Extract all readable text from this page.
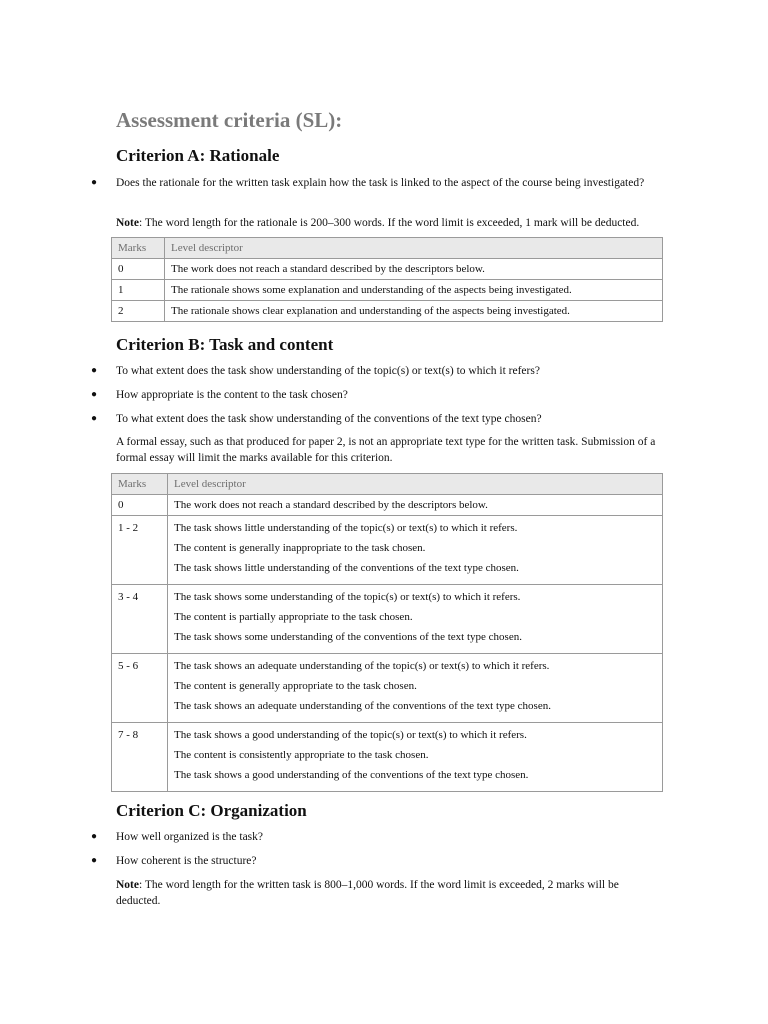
Assessment criteria (SL):
Criterion A: Rationale
● Does the rationale for the written task explain how the task is linked to the aspect of the course being investigated?
Note: The word length for the rationale is 200–300 words. If the word limit is exceeded, 1 mark will be deducted.
Marks	Level descriptor
0	The work does not reach a standard described by the descriptors below.
1	The rationale shows some explanation and understanding of the aspects being investigated.
2	The rationale shows clear explanation and understanding of the aspects being investigated.
Criterion B: Task and content
● To what extent does the task show understanding of the topic(s) or text(s) to which it refers?
● How appropriate is the content to the task chosen?
● To what extent does the task show understanding of the conventions of the text type chosen?
A formal essay, such as that produced for paper 2, is not an appropriate text type for the written task. Submission of a formal essay will limit the marks available for this criterion.
Marks	Level descriptor
0	The work does not reach a standard described by the descriptors below.

1 - 2	The task shows little understanding of the topic(s) or text(s) to which it refers.
The content is generally inappropriate to the task chosen.
The task shows little understanding of the conventions of the text type chosen.

3 - 4	The task shows some understanding of the topic(s) or text(s) to which it refers.
The content is partially appropriate to the task chosen.
The task shows some understanding of the conventions of the text type chosen.

5 - 6	The task shows an adequate understanding of the topic(s) or text(s) to which it refers.
The content is generally appropriate to the task chosen.
The task shows an adequate understanding of the conventions of the text type chosen.

7 - 8	The task shows a good understanding of the topic(s) or text(s) to which it refers.
The content is consistently appropriate to the task chosen.
The task shows a good understanding of the conventions of the text type chosen.
Criterion C: Organization
● How well organized is the task?
● How coherent is the structure?
Note: The word length for the written task is 800–1,000 words. If the word limit is exceeded, 2 marks will be deducted.
